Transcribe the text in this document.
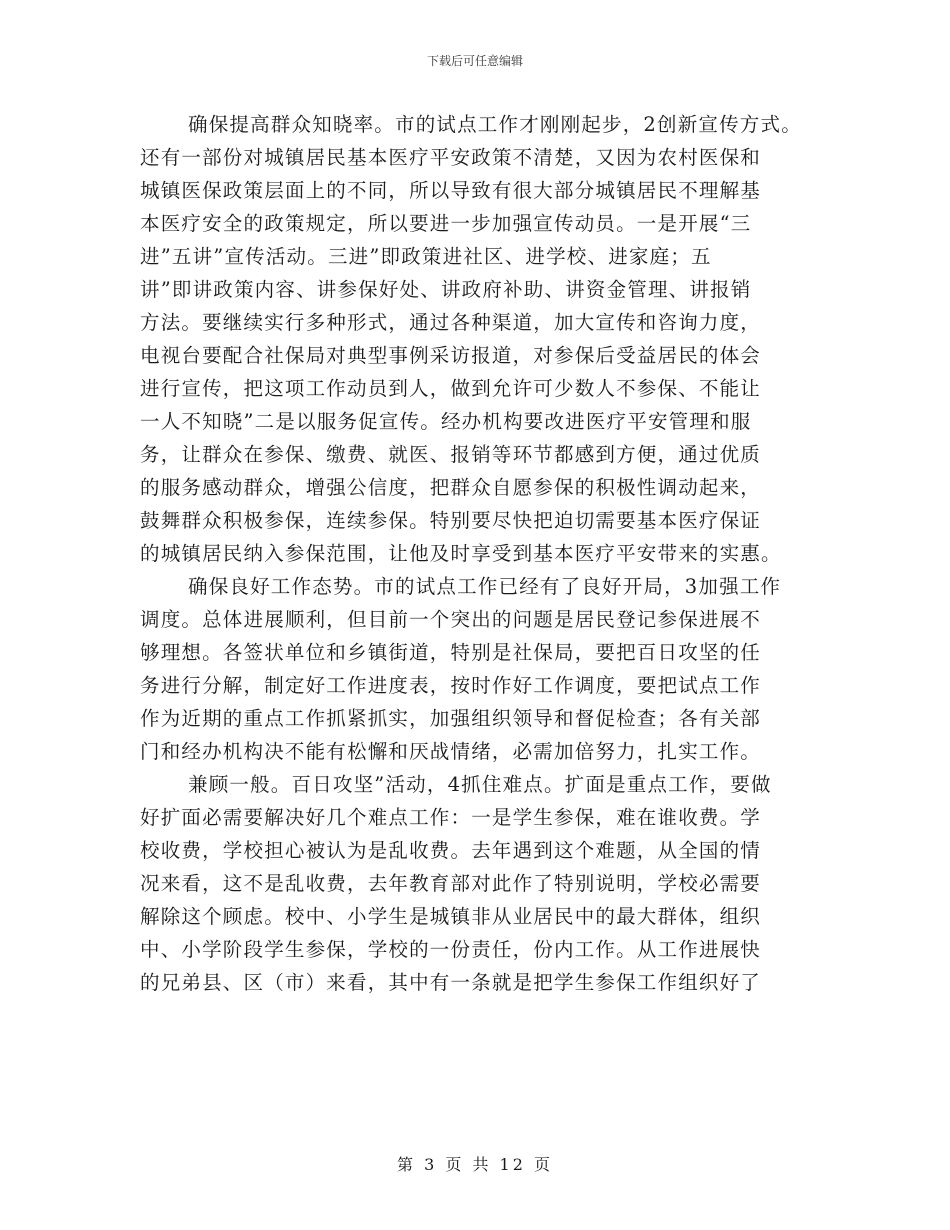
下载后可任意编辑
确保提高群众知晓率。市的试点工作才刚刚起步，2创新宣传方式。
还有一部份对城镇居民基本医疗平安政策不清楚，又因为农村医保和
城镇医保政策层面上的不同，所以导致有很大部分城镇居民不理解基
本医疗安全的政策规定，所以要进一步加强宣传动员。一是开展“三
进”五讲”宣传活动。三进”即政策进社区、进学校、进家庭；五
讲”即讲政策内容、讲参保好处、讲政府补助、讲资金管理、讲报销
方法。要继续实行多种形式，通过各种渠道，加大宣传和咨询力度，
电视台要配合社保局对典型事例采访报道，对参保后受益居民的体会
进行宣传，把这项工作动员到人，做到允许可少数人不参保、不能让
一人不知晓”二是以服务促宣传。经办机构要改进医疗平安管理和服
务，让群众在参保、缴费、就医、报销等环节都感到方便，通过优质
的服务感动群众，增强公信度，把群众自愿参保的积极性调动起来，
鼓舞群众积极参保，连续参保。特别要尽快把迫切需要基本医疗保证
的城镇居民纳入参保范围，让他及时享受到基本医疗平安带来的实惠。
确保良好工作态势。市的试点工作已经有了良好开局，3加强工作
调度。总体进展顺利，但目前一个突出的问题是居民登记参保进展不
够理想。各签状单位和乡镇街道，特别是社保局，要把百日攻坚的任
务进行分解，制定好工作进度表，按时作好工作调度，要把试点工作
作为近期的重点工作抓紧抓实，加强组织领导和督促检查；各有关部
门和经办机构决不能有松懈和厌战情绪，必需加倍努力，扎实工作。
兼顾一般。百日攻坚”活动，4抓住难点。扩面是重点工作，要做
好扩面必需要解决好几个难点工作：一是学生参保，难在谁收费。学
校收费，学校担心被认为是乱收费。去年遇到这个难题，从全国的情
况来看，这不是乱收费，去年教育部对此作了特别说明，学校必需要
解除这个顾虑。校中、小学生是城镇非从业居民中的最大群体，组织
中、小学阶段学生参保，学校的一份责任，份内工作。从工作进展快
的兄弟县、区（市）来看，其中有一条就是把学生参保工作组织好了
第 3 页 共 12 页
